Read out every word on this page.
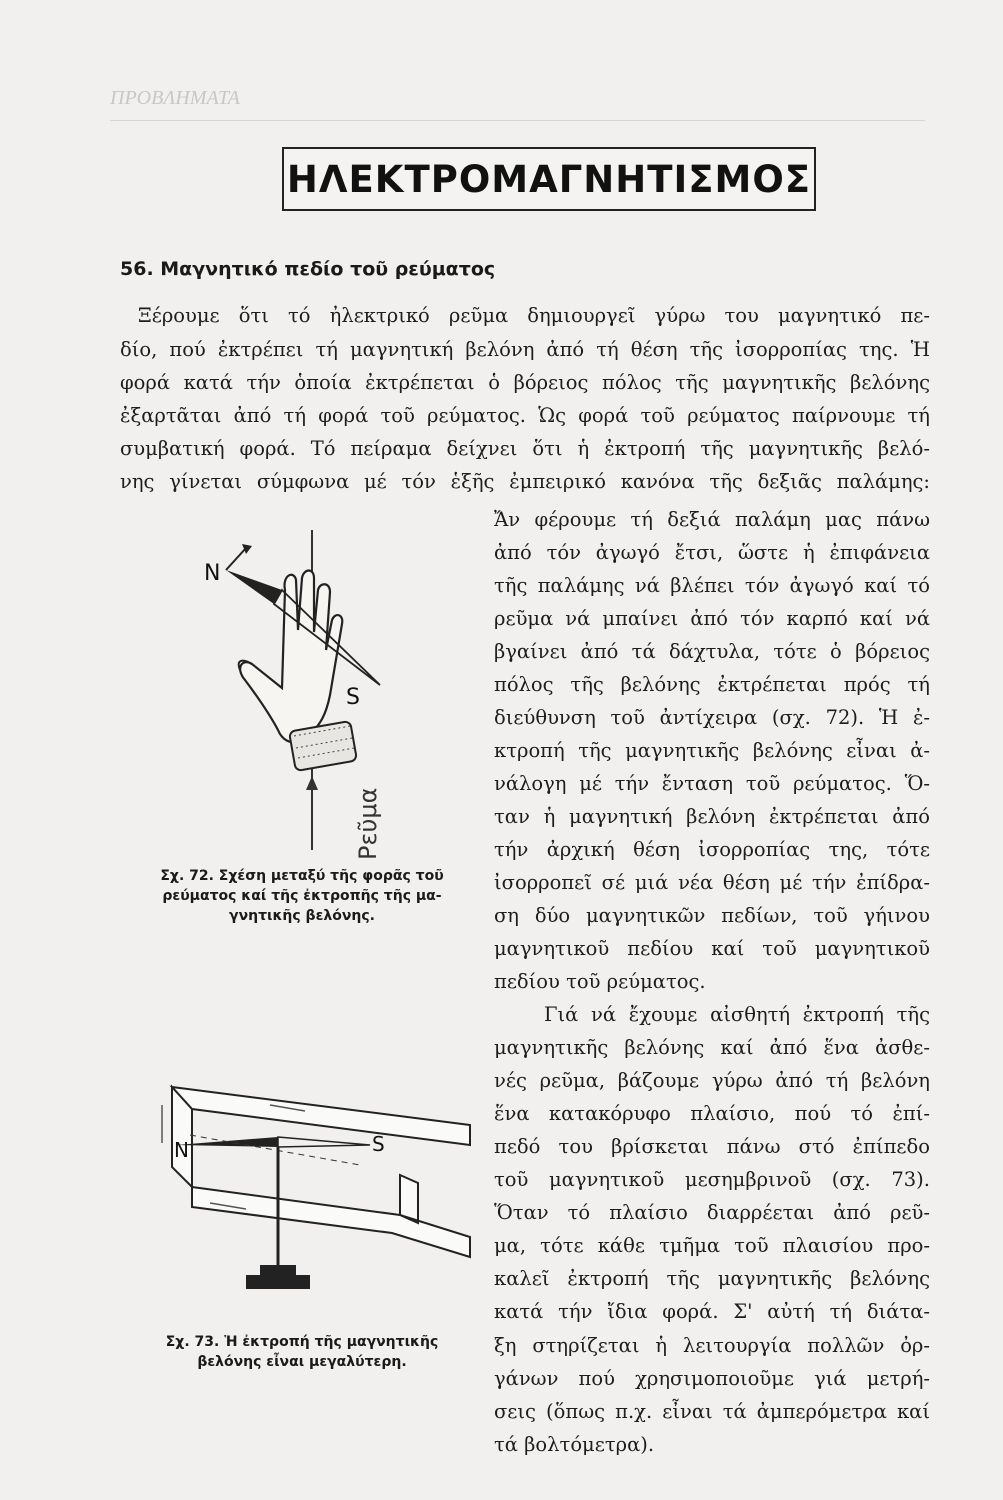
ΠΡΟΒΛΗΜΑΤΑ
ΗΛΕΚΤΡΟΜΑΓΝΗΤΙΣΜΟΣ
56. Μαγνητικό πεδίο τοῦ ρεύματος
Ξέρουμε ὅτι τό ἠλεκτρικό ρεῦμα δημιουργεῖ γύρω του μαγνητικό πε-
δίο, πού ἐκτρέπει τή μαγνητική βελόνη ἀπό τή θέση τῆς ἰσορροπίας της. Ἡ
φορά κατά τήν ὁποία ἐκτρέπεται ὁ βόρειος πόλος τῆς μαγνητικῆς βελόνης
ἐξαρτᾶται ἀπό τή φορά τοῦ ρεύματος. Ὡς φορά τοῦ ρεύματος παίρνουμε τή
συμβατική φορά. Τό πείραμα δείχνει ὅτι ἡ ἐκτροπή τῆς μαγνητικῆς βελό-
νης γίνεται σύμφωνα μέ τόν ἑξῆς ἐμπειρικό κανόνα τῆς δεξιᾶς παλάμης:
Ἄν φέρουμε τή δεξιά παλάμη μας πάνω
ἀπό τόν ἀγωγό ἔτσι, ὥστε ἡ ἐπιφάνεια
τῆς παλάμης νά βλέπει τόν ἀγωγό καί τό
ρεῦμα νά μπαίνει ἀπό τόν καρπό καί νά
βγαίνει ἀπό τά δάχτυλα, τότε ὁ βόρειος
πόλος τῆς βελόνης ἐκτρέπεται πρός τή
διεύθυνση τοῦ ἀντίχειρα (σχ. 72). Ἡ ἐ-
κτροπή τῆς μαγνητικῆς βελόνης εἶναι ἀ-
νάλογη μέ τήν ἔνταση τοῦ ρεύματος. Ὅ-
ταν ἡ μαγνητική βελόνη ἐκτρέπεται ἀπό
τήν ἀρχική θέση ἰσορροπίας της, τότε
ἰσορροπεῖ σέ μιά νέα θέση μέ τήν ἐπίδρα-
ση δύο μαγνητικῶν πεδίων, τοῦ γήινου
μαγνητικοῦ πεδίου καί τοῦ μαγνητικοῦ
πεδίου τοῦ ρεύματος.
Γιά νά ἔχουμε αἰσθητή ἐκτροπή τῆς
μαγνητικῆς βελόνης καί ἀπό ἕνα ἀσθε-
νές ρεῦμα, βάζουμε γύρω ἀπό τή βελόνη
ἕνα κατακόρυφο πλαίσιο, πού τό ἐπί-
πεδό του βρίσκεται πάνω στό ἐπίπεδο
τοῦ μαγνητικοῦ μεσημβρινοῦ (σχ. 73).
Ὅταν τό πλαίσιο διαρρέεται ἀπό ρεῦ-
μα, τότε κάθε τμῆμα τοῦ πλαισίου προ-
καλεῖ ἐκτροπή τῆς μαγνητικῆς βελόνης
κατά τήν ἴδια φορά. Σ' αὐτή τή διάτα-
ξη στηρίζεται ἡ λειτουργία πολλῶν ὀρ-
γάνων πού χρησιμοποιοῦμε γιά μετρή-
σεις (ὅπως π.χ. εἶναι τά ἀμπερόμετρα καί
τά βολτόμετρα).
N
S
Ρεῦμα
Σχ. 72. Σχέση μεταξύ τῆς φορᾶς τοῦ
ρεύματος καί τῆς ἐκτροπῆς τῆς μα-
γνητικῆς βελόνης.
N	S
Σχ. 73. Ἡ ἐκτροπή τῆς μαγνητικῆς
βελόνης εἶναι μεγαλύτερη.
